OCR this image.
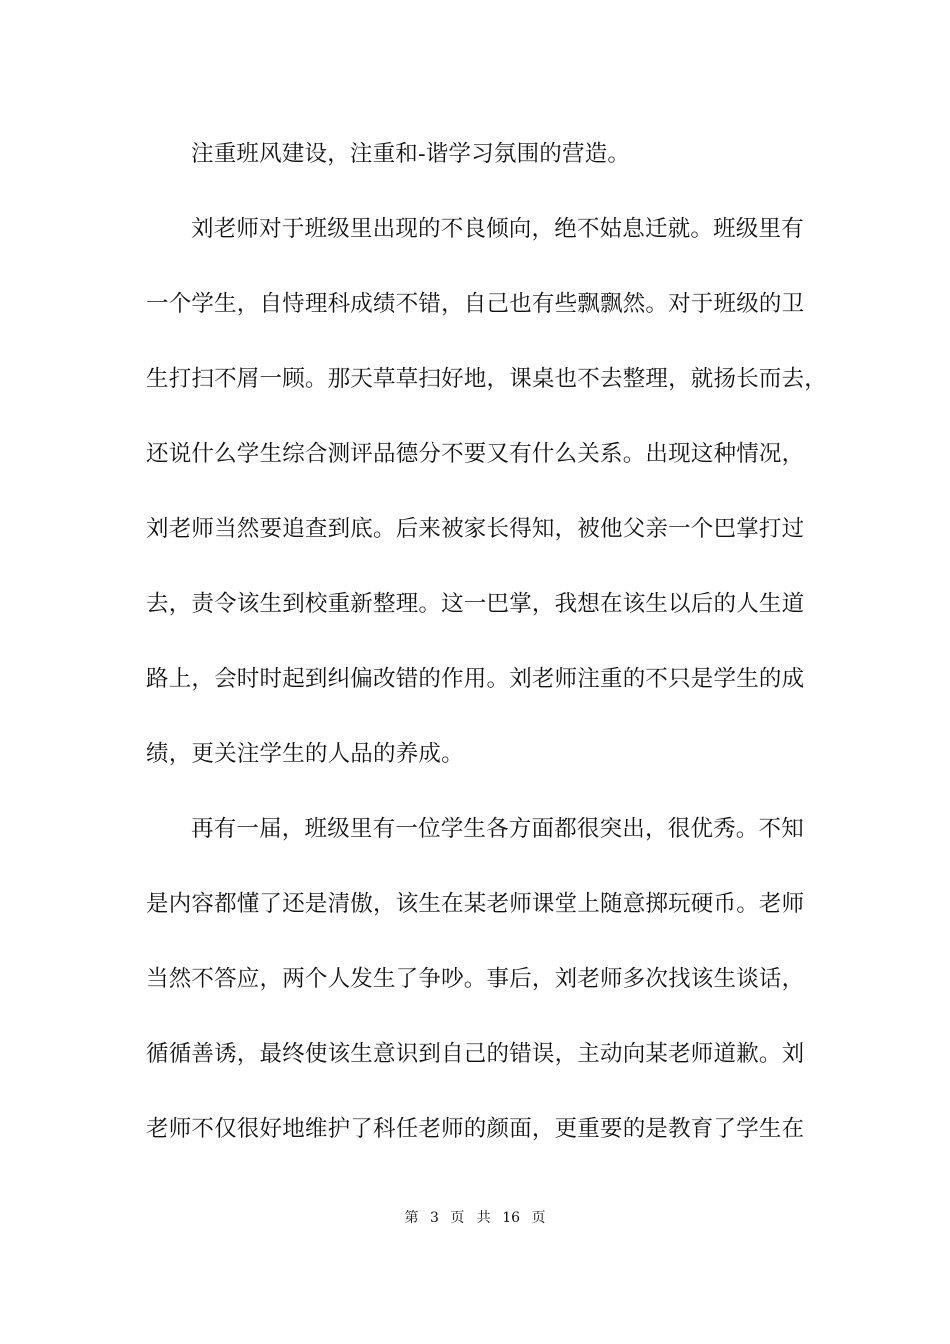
注重班风建设，注重和-谐学习氛围的营造。
刘老师对于班级里出现的不良倾向，绝不姑息迁就。班级里有
一个学生，自恃理科成绩不错，自己也有些飘飘然。对于班级的卫
生打扫不屑一顾。那天草草扫好地，课桌也不去整理，就扬长而去，
还说什么学生综合测评品德分不要又有什么关系。出现这种情况，
刘老师当然要追查到底。后来被家长得知，被他父亲一个巴掌打过
去，责令该生到校重新整理。这一巴掌，我想在该生以后的人生道
路上，会时时起到纠偏改错的作用。刘老师注重的不只是学生的成
绩，更关注学生的人品的养成。
再有一届，班级里有一位学生各方面都很突出，很优秀。不知
是内容都懂了还是清傲，该生在某老师课堂上随意掷玩硬币。老师
当然不答应，两个人发生了争吵。事后，刘老师多次找该生谈话，
循循善诱，最终使该生意识到自己的错误，主动向某老师道歉。刘
老师不仅很好地维护了科任老师的颜面，更重要的是教育了学生在
第 3 页 共 16 页
